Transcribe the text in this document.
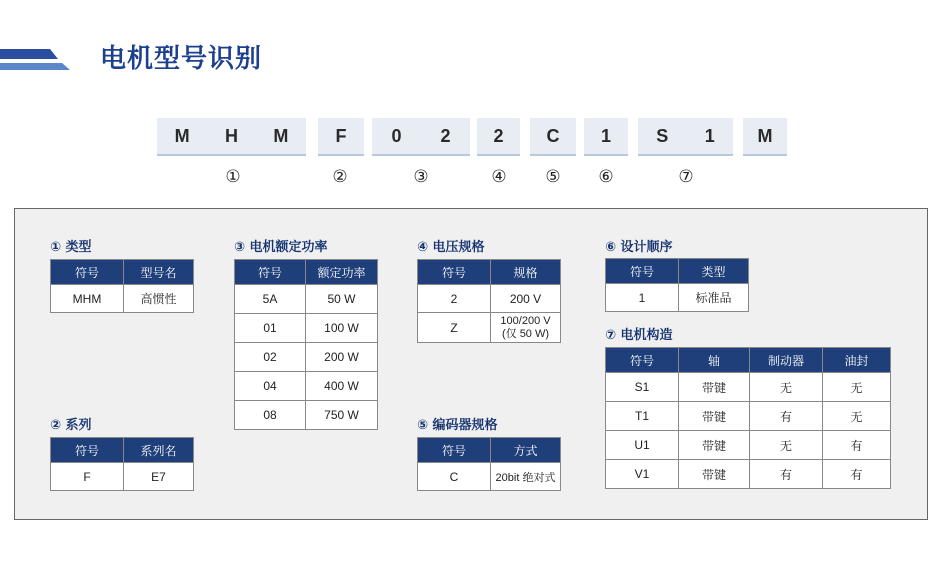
电机型号识别
M H M	F 0 2 2 C 1	S 1 M
①	②	③	④ ⑤ ⑥	⑦
① 类型
符号	型号名
MHM	高惯性
② 系列
符号	系列名
F	E7
③ 电机额定功率
符号	额定功率
5A	50 W
01	100 W
02	200 W
04	400 W
08	750 W
④ 电压规格
符号	规格
2	200 V
Z	100/200 V
(仅 50 W)
⑤ 编码器规格
符号	方式
C	20bit 绝对式
⑥ 设计顺序
符号	类型
1	标准品
⑦ 电机构造
符号	轴	制动器	油封
S1	带键	无	无
T1	带键	有	无
U1	带键	无	有
V1	带键	有	有
